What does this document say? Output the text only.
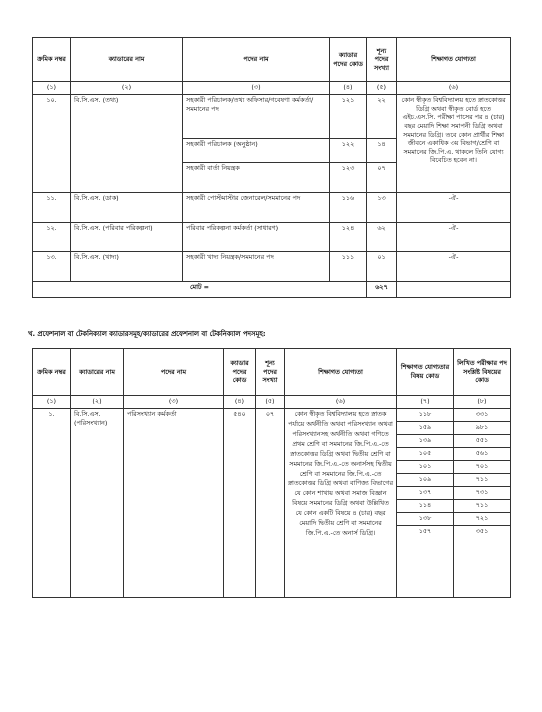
ক্রমিক নম্বর	ক্যাডারের নাম	পদের নাম	ক্যাডার পদের কোড	শূন্য পদের সংখ্যা	শিক্ষাগত যোগ্যতা
(১)	(২)	(৩)	(৪)	(৫)	(৬)
১০.	বি.সি.এস. (তথ্য)	সহকারী পরিচালক/তথ্য অফিসার/গবেষণা কর্মকর্তা/সমমানের পদ	১২১	২২	কোন স্বীকৃত বিশ্ববিদ্যালয় হতে স্নাতকোত্তর ডিগ্রি অথবা স্বীকৃত বোর্ড হতে এইচ.এস.সি. পরীক্ষা পাসের পর ৪ (চার) বছর মেয়াদি শিক্ষা সমাপনী ডিগ্রি অথবা সমমানের ডিগ্রি। তবে কোন প্রার্থীর শিক্ষা জীবনে একাধিক ৩য় বিভাগ/শ্রেণি বা সমমানের জি.পি.এ. থাকলে তিনি যোগ্য বিবেচিত হবেন না।
		সহকারী পরিচালক (অনুষ্ঠান)	১২২	১৪	
		সহকারী বার্তা নিয়ন্ত্রক	১২৩	০৭	
১১.	বি.সি.এস. (ডাক)	সহকারী পোস্টমাস্টার জেনারেল/সমমানের পদ	১১৬	১৩	-ঐ-
১২.	বি.সি.এস. (পরিবার পরিকল্পনা)	পরিবার পরিকল্পনা কর্মকর্তা (সাধারণ)	১২৪	৬২	-ঐ-
১৩.	বি.সি.এস. (খাদ্য)	সহকারী খাদ্য নিয়ন্ত্রক/সমমানের পদ	১১১	০১	-ঐ-
মোট =				৬২৭	
খ. প্রফেশনাল বা টেকনিক্যাল ক্যাডারসমূহ/ক্যাডারের প্রফেশনাল বা টেকনিক্যাল পদসমূহ:
ক্রমিক নম্বর	ক্যাডারের নাম	পদের নাম	ক্যাডার পদের কোড	শূন্য পদের সংখ্যা	শিক্ষাগত যোগ্যতা	শিক্ষাগত যোগ্যতার বিষয় কোড	লিখিত পরীক্ষার পদ সংশ্লিষ্ট বিষয়ের কোড
(১)	(২)	(৩)	(৪)	(৫)	(৬)	(৭)	(৮)
১.	বি.সি.এস. (পরিসংখ্যান)	পরিসংখ্যান কর্মকর্তা	৫৪০	০৭	কোন স্বীকৃত বিশ্ববিদ্যালয় হতে স্নাতক পর্যায়ে অর্থনীতি অথবা পরিসংখ্যান অথবা পরিসংখ্যানসহ অর্থনীতি অথবা গণিতে প্রথম শ্রেণি বা সমমানের জি.পি.এ.-তে স্নাতকোত্তর ডিগ্রি অথবা দ্বিতীয় শ্রেণি বা সমমানের জি.পি.এ.-তে অনার্সসহ দ্বিতীয় শ্রেণি বা সমমানের জি.পি.এ.-তে স্নাতকোত্তর ডিগ্রি অথবা বাণিজ্য বিভাগের যে কোন শাখায় অথবা সমাজ বিজ্ঞান বিষয়ে সমমানের ডিগ্রি অথবা উল্লিখিত যে কোন একটি বিষয়ে ৪ (চার) বছর মেয়াদি দ্বিতীয় শ্রেণি বা সমমানের জি.পি.এ.-তে অনার্স ডিগ্রি।	১১৮	৩৩১
						১৫৯	৯৮১
						১৩৯	৫৫১
						১০৫	৫৬১
						১০১	৭০১
						১০৯	৭১১
						১৩৭	৭৩১
						১১৪	৭১১
						১৩৮	৭২১
						১৫৭	৩৫১
